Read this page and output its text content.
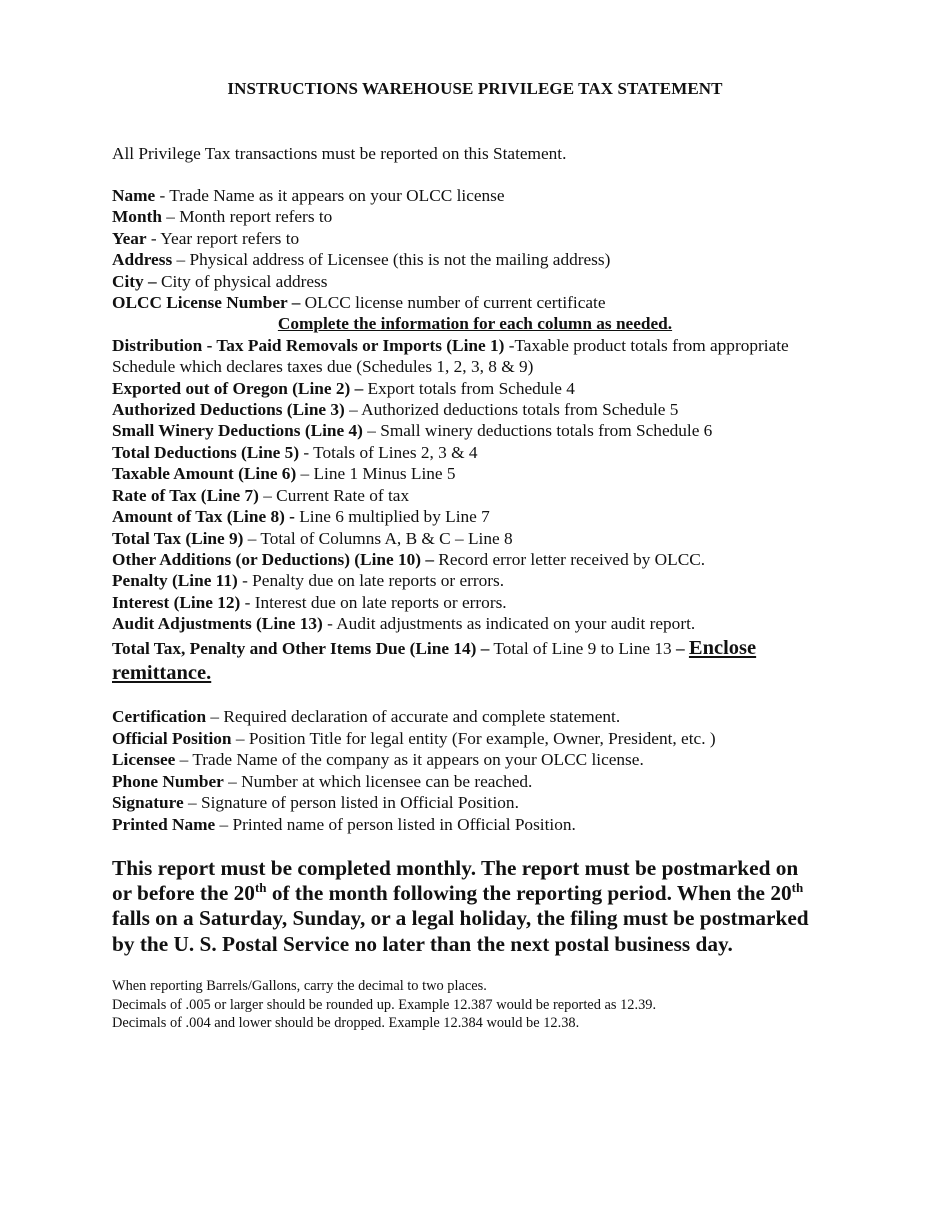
INSTRUCTIONS WAREHOUSE PRIVILEGE TAX STATEMENT
All Privilege Tax transactions must be reported on this Statement.
Name - Trade Name as it appears on your OLCC license
Month – Month report refers to
Year - Year report refers to
Address – Physical address of Licensee (this is not the mailing address)
City – City of physical address
OLCC License Number – OLCC license number of current certificate
Complete the information for each column as needed.
Distribution - Tax Paid Removals or Imports (Line 1) -Taxable product totals from appropriate Schedule which declares taxes due (Schedules 1, 2, 3, 8 & 9)
Exported out of Oregon (Line 2) – Export totals from Schedule 4
Authorized Deductions (Line 3) – Authorized deductions totals from Schedule 5
Small Winery Deductions (Line 4) – Small winery deductions totals from Schedule 6
Total Deductions (Line 5) - Totals of Lines 2, 3 & 4
Taxable Amount (Line 6) – Line 1 Minus Line 5
Rate of Tax (Line 7) – Current Rate of tax
Amount of Tax (Line 8) - Line 6 multiplied by Line 7
Total Tax (Line 9) – Total of Columns A, B & C – Line 8
Other Additions (or Deductions) (Line 10) – Record error letter received by OLCC.
Penalty (Line 11) - Penalty due on late reports or errors.
Interest (Line 12) - Interest due on late reports or errors.
Audit Adjustments (Line 13) - Audit adjustments as indicated on your audit report.
Total Tax, Penalty and Other Items Due (Line 14) – Total of Line 9 to Line 13 – Enclose remittance.
Certification – Required declaration of accurate and complete statement.
Official Position – Position Title for legal entity (For example, Owner, President, etc. )
Licensee – Trade Name of the company as it appears on your OLCC license.
Phone Number – Number at which licensee can be reached.
Signature – Signature of person listed in Official Position.
Printed Name – Printed name of person listed in Official Position.
This report must be completed monthly. The report must be postmarked on
or before the 20th of the month following the reporting period. When the 20th
falls on a Saturday, Sunday, or a legal holiday, the filing must be postmarked
by the U. S. Postal Service no later than the next postal business day.
When reporting Barrels/Gallons, carry the decimal to two places.
Decimals of .005 or larger should be rounded up. Example 12.387 would be reported as 12.39.
Decimals of .004 and lower should be dropped. Example 12.384 would be 12.38.
